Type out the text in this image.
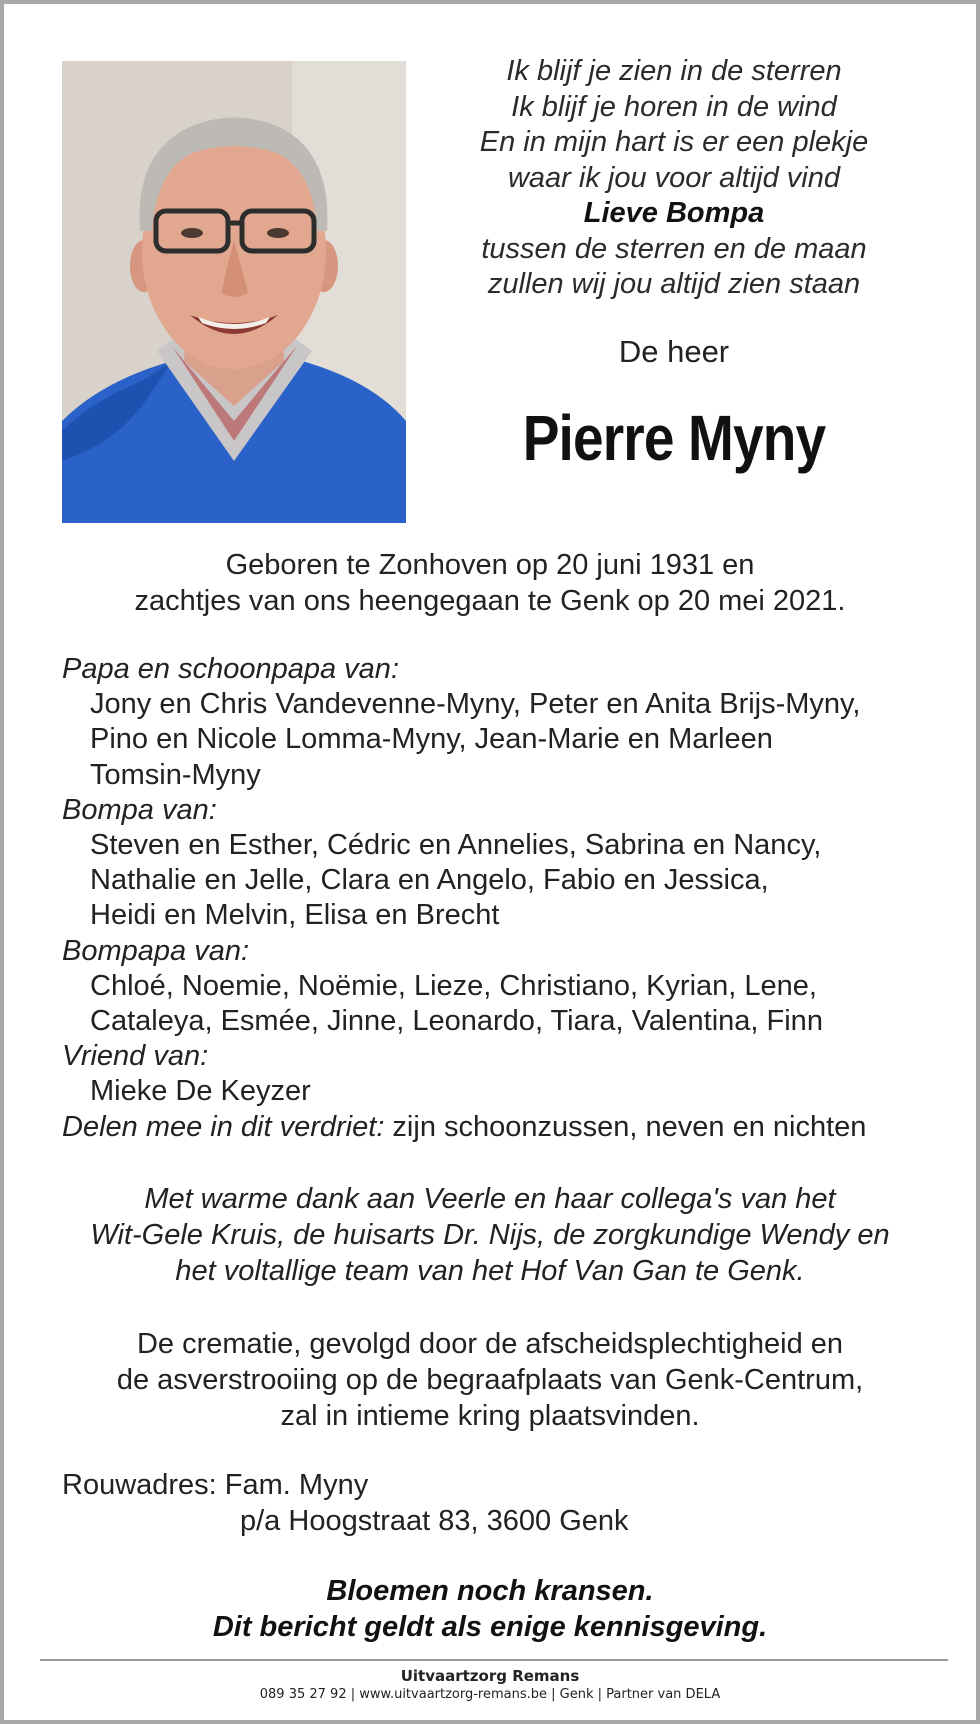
Ik blijf je zien in de sterren
Ik blijf je horen in de wind
En in mijn hart is er een plekje
waar ik jou voor altijd vind
Lieve Bompa
tussen de sterren en de maan
zullen wij jou altijd zien staan
De heer
Pierre Myny
Geboren te Zonhoven op 20 juni 1931 en
zachtjes van ons heengegaan te Genk op 20 mei 2021.
Papa en schoonpapa van:
Jony en Chris Vandevenne-Myny, Peter en Anita Brijs-Myny,
Pino en Nicole Lomma-Myny, Jean-Marie en Marleen
Tomsin-Myny
Bompa van:
Steven en Esther, Cédric en Annelies, Sabrina en Nancy,
Nathalie en Jelle, Clara en Angelo, Fabio en Jessica,
Heidi en Melvin, Elisa en Brecht
Bompapa van:
Chloé, Noemie, Noëmie, Lieze, Christiano, Kyrian, Lene,
Cataleya, Esmée, Jinne, Leonardo, Tiara, Valentina, Finn
Vriend van:
Mieke De Keyzer
Delen mee in dit verdriet: zijn schoonzussen, neven en nichten
Met warme dank aan Veerle en haar collega's van het
Wit-Gele Kruis, de huisarts Dr. Nijs, de zorgkundige Wendy en
het voltallige team van het Hof Van Gan te Genk.
De crematie, gevolgd door de afscheidsplechtigheid en
de asverstrooiing op de begraafplaats van Genk-Centrum,
zal in intieme kring plaatsvinden.
Rouwadres: Fam. Myny
p/a Hoogstraat 83, 3600 Genk
Bloemen noch kransen.
Dit bericht geldt als enige kennisgeving.
Uitvaartzorg Remans
089 35 27 92 | www.uitvaartzorg-remans.be | Genk | Partner van DELA
